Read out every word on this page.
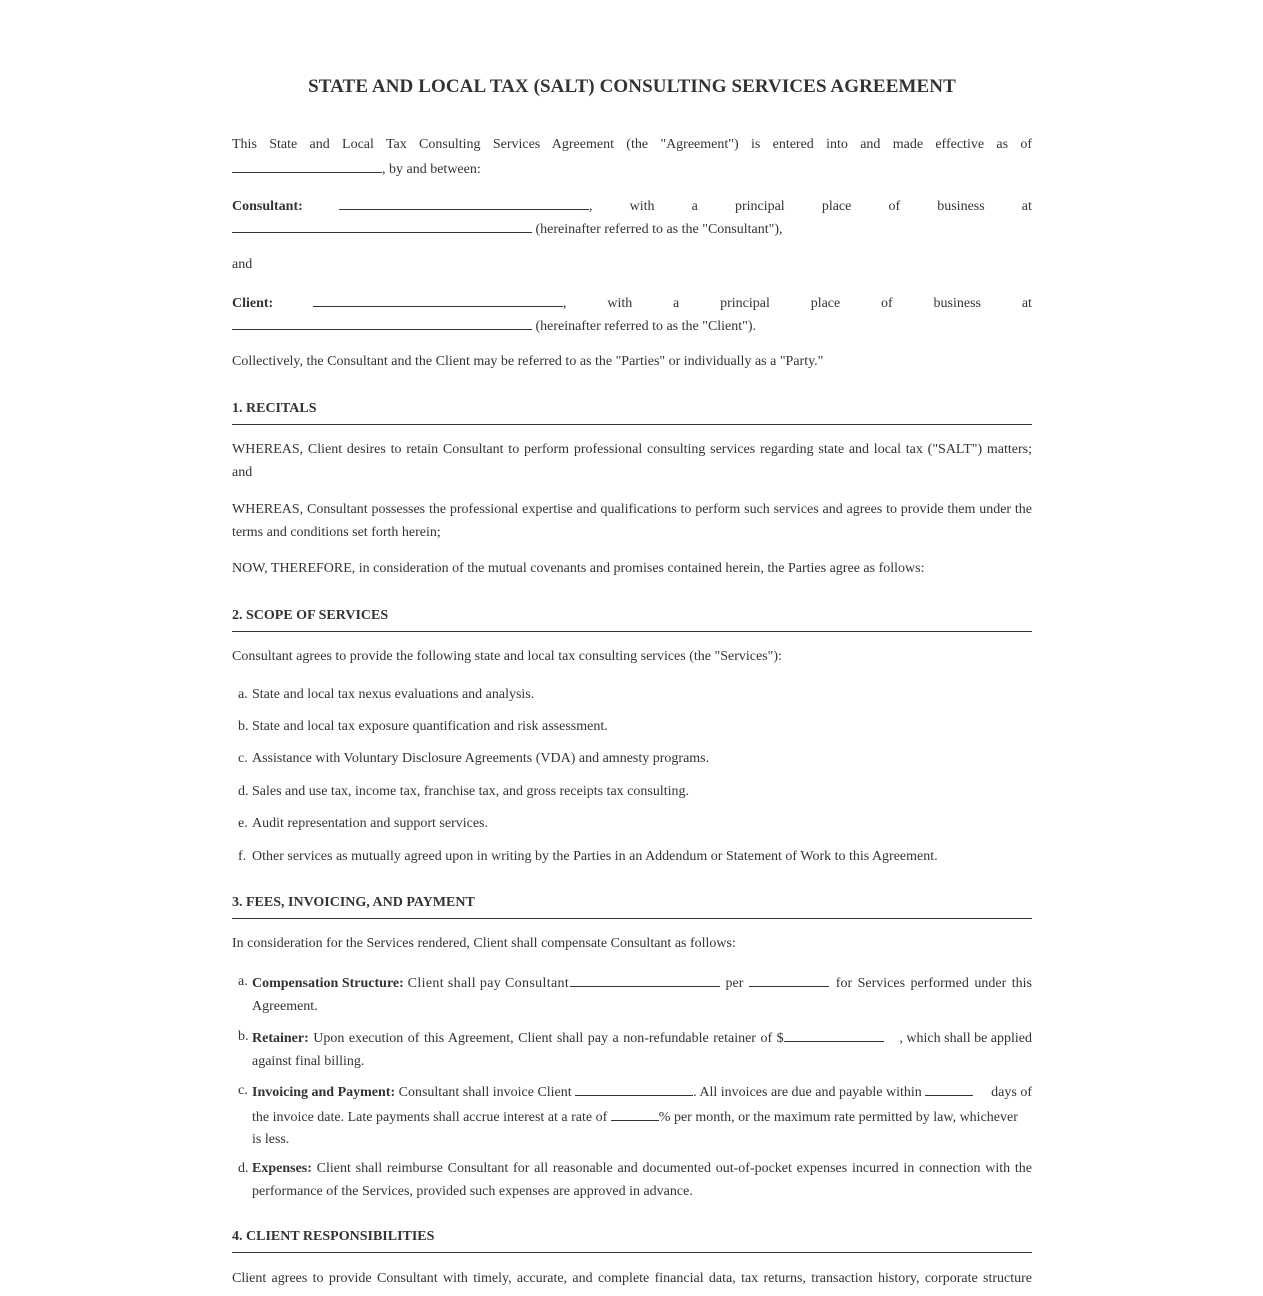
STATE AND LOCAL TAX (SALT) CONSULTING SERVICES AGREEMENT
This State and Local Tax Consulting Services Agreement (the "Agreement") is entered into and made effective as of
, by and between:
Consultant:	,	with	a	principal	place	of	business	at
(hereinafter referred to as the "Consultant"),
and
Client:	,	with	a	principal	place	of	business	at
(hereinafter referred to as the "Client").
Collectively, the Consultant and the Client may be referred to as the "Parties" or individually as a "Party."
1. RECITALS
WHEREAS, Client desires to retain Consultant to perform professional consulting services regarding state and local tax ("SALT") matters; and
WHEREAS, Consultant possesses the professional expertise and qualifications to perform such services and agrees to provide them under the terms and conditions set forth herein;
NOW, THEREFORE, in consideration of the mutual covenants and promises contained herein, the Parties agree as follows:
2. SCOPE OF SERVICES
Consultant agrees to provide the following state and local tax consulting services (the "Services"):
a. State and local tax nexus evaluations and analysis.
b. State and local tax exposure quantification and risk assessment.
c. Assistance with Voluntary Disclosure Agreements (VDA) and amnesty programs.
d. Sales and use tax, income tax, franchise tax, and gross receipts tax consulting.
e. Audit representation and support services.
f. Other services as mutually agreed upon in writing by the Parties in an Addendum or Statement of Work to this Agreement.
3. FEES, INVOICING, AND PAYMENT
In consideration for the Services rendered, Client shall compensate Consultant as follows:
a. Compensation Structure: Client shall pay Consultant	per	for Services performed under this
Agreement.
b. Retainer: Upon execution of this Agreement, Client shall pay a non-refundable retainer of $	, which shall be applied
against final billing.
c. Invoicing and Payment: Consultant shall invoice Client	. All invoices are due and payable within	days of
the invoice date. Late payments shall accrue interest at a rate of	% per month, or the maximum rate permitted by law, whichever
is less.
d. Expenses: Client shall reimburse Consultant for all reasonable and documented out-of-pocket expenses incurred in connection with the performance of the Services, provided such expenses are approved in advance.
4. CLIENT RESPONSIBILITIES
Client agrees to provide Consultant with timely, accurate, and complete financial data, tax returns, transaction history, corporate structure
